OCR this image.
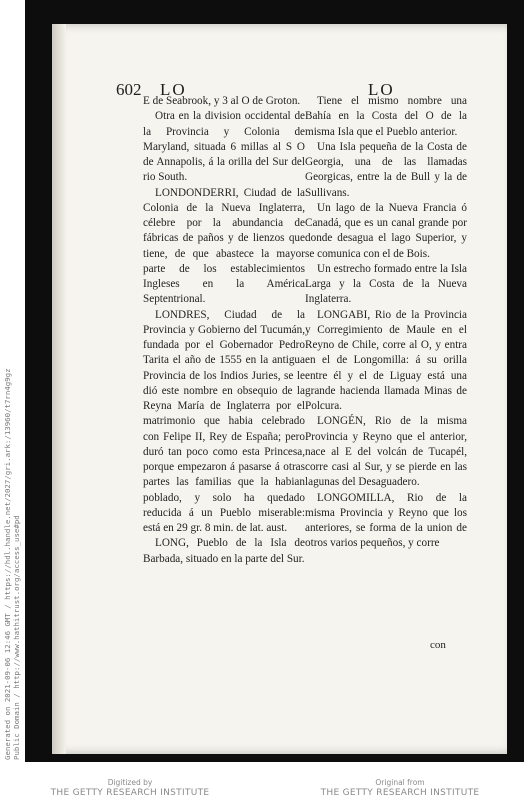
602 LO	LO

E de Seabrook, y 3 al O de Groton.

Otra en la division occidental de la Provincia y Colonia de Maryland, situada 6 millas al S O de Annapolis, á la orilla del Sur del rio South.

LONDONDERRI, Ciudad de la Colonia de la Nueva Inglaterra, célebre por la abundancia de fábricas de paños y de lienzos que tiene, de que abastece la mayor parte de los establecimientos Ingleses en la América Septentrional.

LONDRES, Ciudad de la Provincia y Gobierno del Tucumán, fundada por el Gobernador Pedro Tarita el año de 1555 en la antigua Provincia de los Indios Juries, se le dió este nombre en obsequio de la Reyna María de Inglaterra por el matrimonio que habia celebrado con Felipe II, Rey de España; pero duró tan poco como esta Princesa, porque empezaron á pasarse á otras partes las familias que la habian poblado, y solo ha quedado reducida á un Pueblo miserable: está en 29 gr. 8 min. de lat. aust.

LONG, Pueblo de la Isla de Barbada, situado en la parte del Sur.

Tiene el mismo nombre una Bahía en la Costa del O de la misma Isla que el Pueblo anterior.

Una Isla pequeña de la Costa de Georgia, una de las llamadas Georgicas, entre la de Bull y la de Sullivans.

Un lago de la Nueva Francia ó Canadá, que es un canal grande por donde desagua el lago Superior, y se comunica con el de Bois.

Un estrecho formado entre la Isla Larga y la Costa de la Nueva Inglaterra.

LONGABI, Rio de la Provincia y Corregimiento de Maule en el Reyno de Chile, corre al O, y entra en el de Longomilla: á su orilla entre él y el de Liguay está una grande hacienda llamada Minas de Polcura.

LONGÉN, Rio de la misma Provincia y Reyno que el anterior, nace al E del volcán de Tucapél, corre casi al Sur, y se pierde en las lagunas del Desaguadero.

LONGOMILLA, Rio de la misma Provincia y Reyno que los anteriores, se forma de la union de otros varios pequeños, y corre

con
Generated on 2021-09-06 12:46 GMT / https://hdl.handle.net/2027/gri.ark:/13960/t7rn4g9gz Public Domain / http://www.hathitrust.org/access_use#pd
Digitized by
THE GETTY RESEARCH INSTITUTE
Original from
THE GETTY RESEARCH INSTITUTE
